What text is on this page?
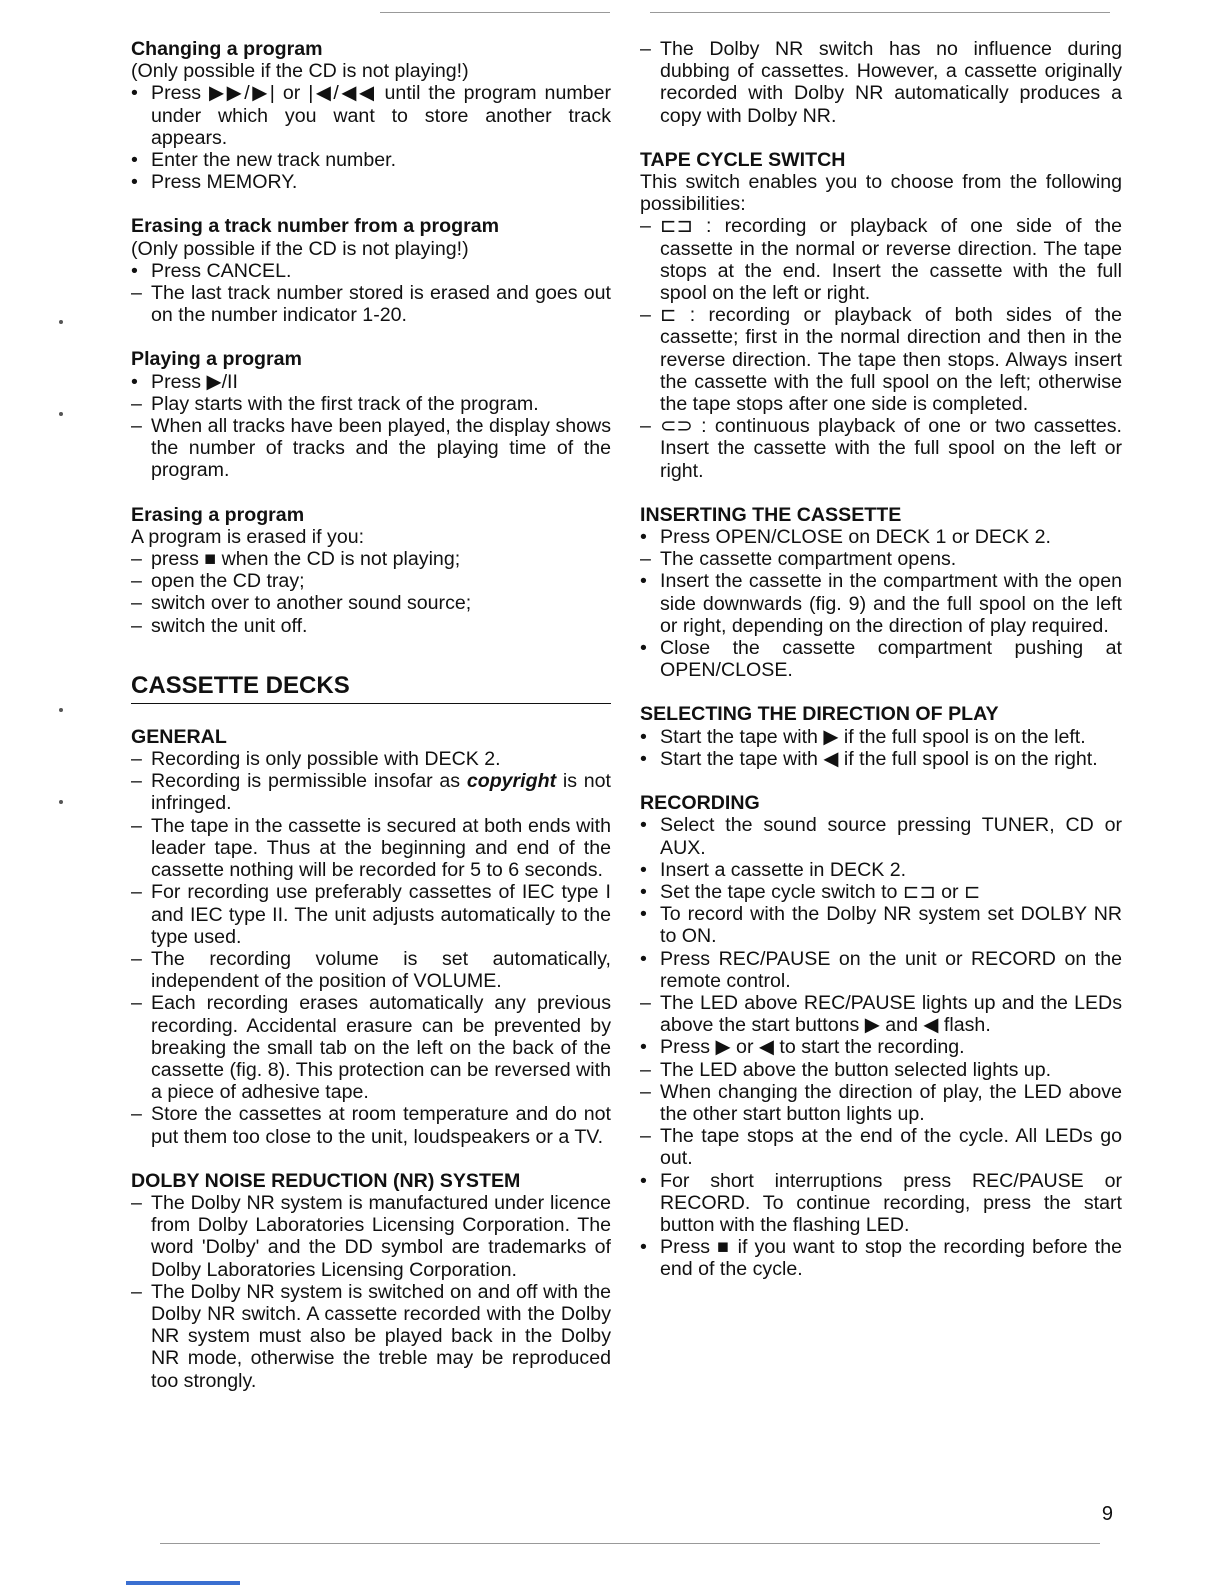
Changing a program

(Only possible if the CD is not playing!)

• Press ▶▶/▶| or |◀/◀◀ until the program number under which you want to store another track appears.
• Enter the new track number.
• Press MEMORY.
Erasing a track number from a program

(Only possible if the CD is not playing!)

• Press CANCEL.
– The last track number stored is erased and goes out on the number indicator 1-20.
Playing a program
• Press ▶/II
– Play starts with the first track of the program.
– When all tracks have been played, the display shows the number of tracks and the playing time of the program.
Erasing a program

A program is erased if you:

– press ■ when the CD is not playing;
– open the CD tray;
– switch over to another sound source;
– switch the unit off.
CASSETTE DECKS
GENERAL
– Recording is only possible with DECK 2.
– Recording is permissible insofar as copyright is not infringed.
– The tape in the cassette is secured at both ends with leader tape. Thus at the beginning and end of the cassette nothing will be recorded for 5 to 6 seconds.
– For recording use preferably cassettes of IEC type I and IEC type II. The unit adjusts automatically to the type used.
– The recording volume is set automatically, independent of the position of VOLUME.
– Each recording erases automatically any previous recording. Accidental erasure can be prevented by breaking the small tab on the left on the back of the cassette (fig. 8). This protection can be reversed with a piece of adhesive tape.
– Store the cassettes at room temperature and do not put them too close to the unit, loudspeakers or a TV.
DOLBY NOISE REDUCTION (NR) SYSTEM
– The Dolby NR system is manufactured under licence from Dolby Laboratories Licensing Corporation. The word 'Dolby' and the DD symbol are trademarks of Dolby Laboratories Licensing Corporation.
– The Dolby NR system is switched on and off with the Dolby NR switch. A cassette recorded with the Dolby NR system must also be played back in the Dolby NR mode, otherwise the treble may be reproduced too strongly.
– The Dolby NR switch has no influence during dubbing of cassettes. However, a cassette originally recorded with Dolby NR automatically produces a copy with Dolby NR.
TAPE CYCLE SWITCH

This switch enables you to choose from the following possibilities:

– ⊏⊐ : recording or playback of one side of the cassette in the normal or reverse direction. The tape stops at the end. Insert the cassette with the full spool on the left or right.
– ⊏ : recording or playback of both sides of the cassette; first in the normal direction and then in the reverse direction. The tape then stops. Always insert the cassette with the full spool on the left; otherwise the tape stops after one side is completed.
– ⊂⊃ : continuous playback of one or two cassettes. Insert the cassette with the full spool on the left or right.
INSERTING THE CASSETTE
• Press OPEN/CLOSE on DECK 1 or DECK 2.
– The cassette compartment opens.
• Insert the cassette in the compartment with the open side downwards (fig. 9) and the full spool on the left or right, depending on the direction of play required.
• Close the cassette compartment pushing at OPEN/CLOSE.
SELECTING THE DIRECTION OF PLAY
• Start the tape with ▶ if the full spool is on the left.
• Start the tape with ◀ if the full spool is on the right.
RECORDING
• Select the sound source pressing TUNER, CD or AUX.
• Insert a cassette in DECK 2.
• Set the tape cycle switch to ⊏⊐ or ⊏
• To record with the Dolby NR system set DOLBY NR to ON.
• Press REC/PAUSE on the unit or RECORD on the remote control.
– The LED above REC/PAUSE lights up and the LEDs above the start buttons ▶ and ◀ flash.
• Press ▶ or ◀ to start the recording.
– The LED above the button selected lights up.
– When changing the direction of play, the LED above the other start button lights up.
– The tape stops at the end of the cycle. All LEDs go out.
• For short interruptions press REC/PAUSE or RECORD. To continue recording, press the start button with the flashing LED.
• Press ■ if you want to stop the recording before the end of the cycle.
9
